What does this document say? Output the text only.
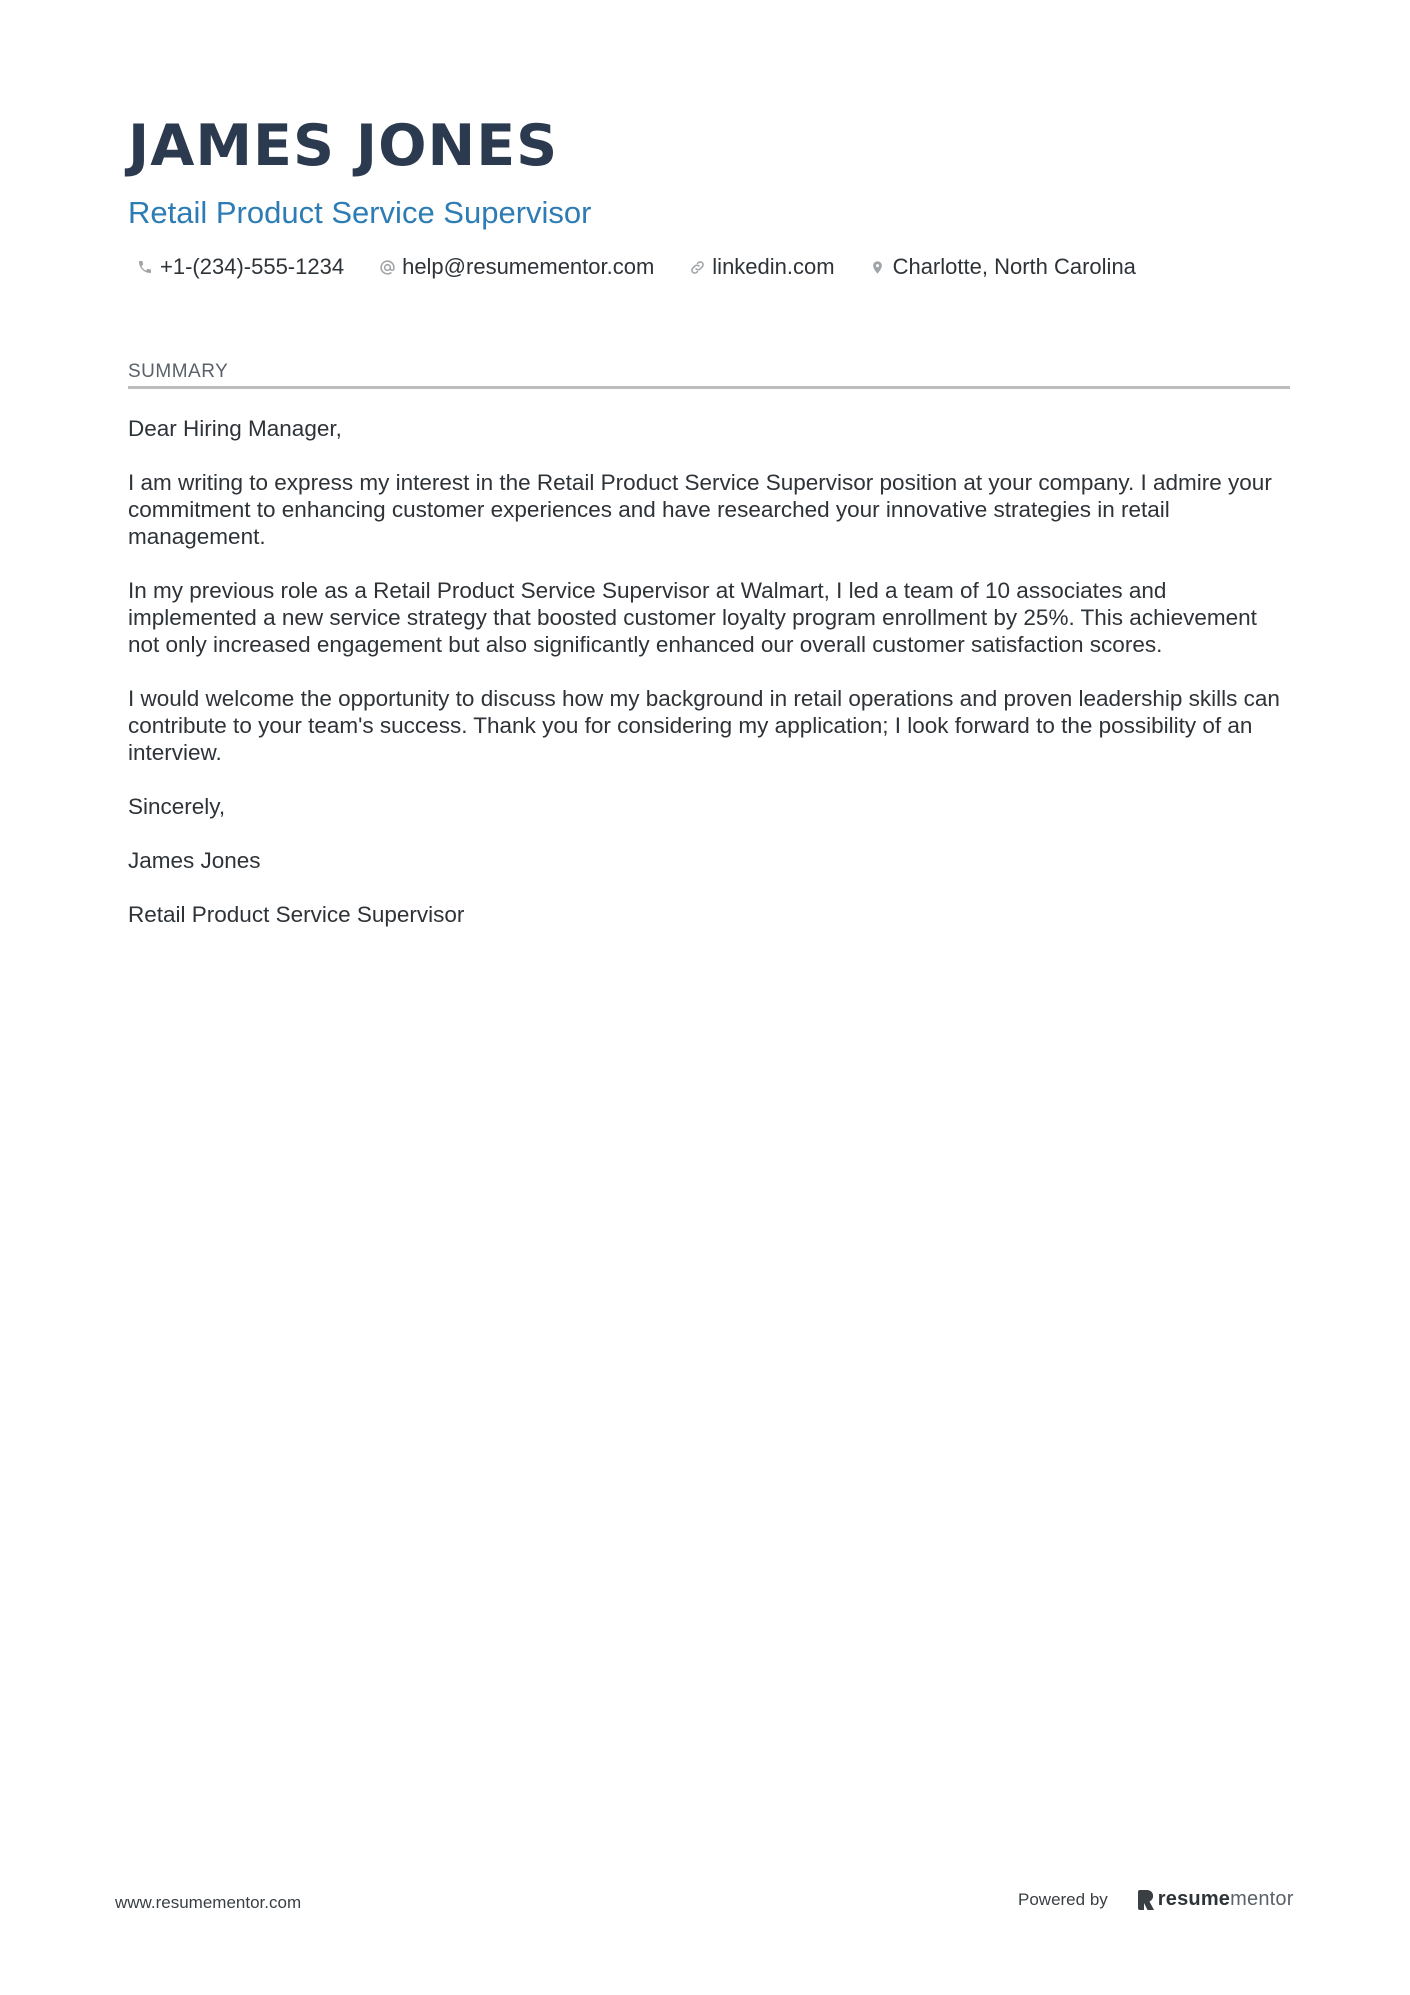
JAMES JONES
Retail Product Service Supervisor
+1-(234)-555-1234	help@resumementor.com	linkedin.com	Charlotte, North Carolina
SUMMARY

Dear Hiring Manager,

I am writing to express my interest in the Retail Product Service Supervisor position at your company. I admire your commitment to enhancing customer experiences and have researched your innovative strategies in retail management.

In my previous role as a Retail Product Service Supervisor at Walmart, I led a team of 10 associates and implemented a new service strategy that boosted customer loyalty program enrollment by 25%. This achievement not only increased engagement but also significantly enhanced our overall customer satisfaction scores.

I would welcome the opportunity to discuss how my background in retail operations and proven leadership skills can contribute to your team's success. Thank you for considering my application; I look forward to the possibility of an interview.

Sincerely,

James Jones

Retail Product Service Supervisor

www.resumementor.com	Powered by	resume mentor
